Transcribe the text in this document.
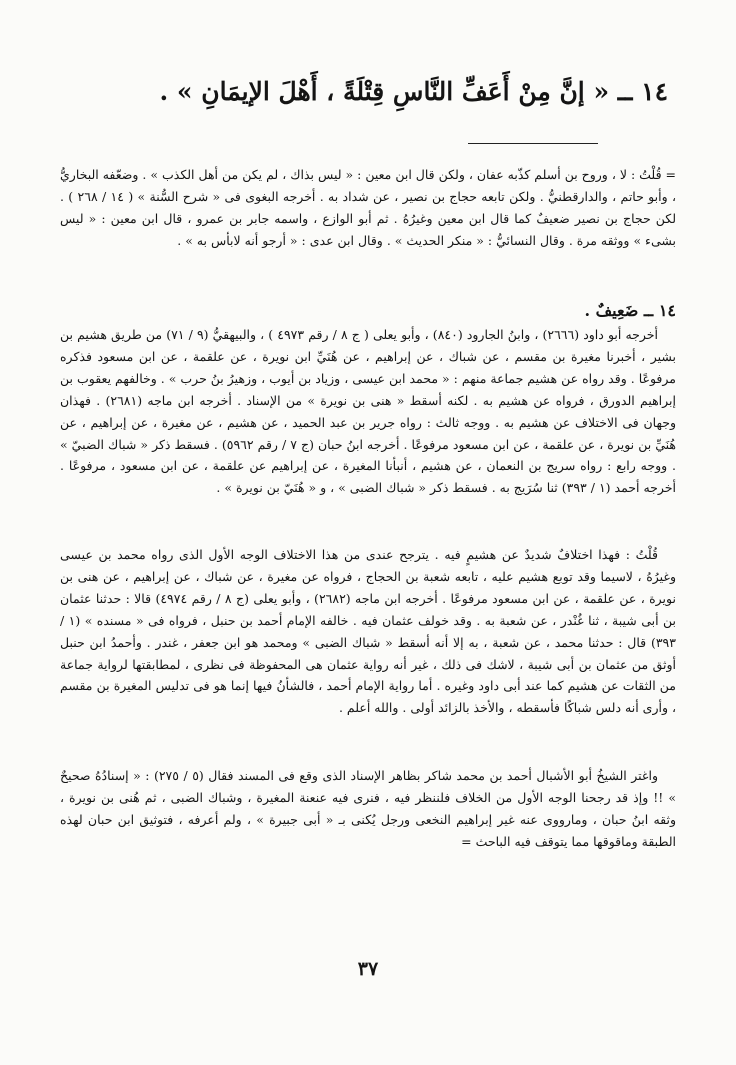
١٤ ــ « إنَّ مِنْ أَعَفِّ النَّاسِ قِتْلَةً ، أَهْلَ الإيمَانِ » .

= قُلْتُ : لا ، وروح بن أسلم كذّبه عفان ، ولكن قال ابن معين : « ليس بذاك ، لم يكن من أهل الكذب » . وضعّفه البخاريُّ ، وأبو حاتم ، والدارقطنيُّ . ولكن تابعه حجاج بن نصير ، عن شداد به . أخرجه البغوى فى « شرح السُّنة » ( ١٤ / ٢٦٨ ) . لكن حجاج بن نصير ضعيفٌ كما قال ابن معين وغيرُهُ . ثم أبو الوازع ، واسمه جابر بن عمرو ، قال ابن معين : « ليس بشىء » ووثقه مرة . وقال النسائيُّ : « منكر الحديث » . وقال ابن عدى : « أرجو أنه لابأس به » .

١٤ ــ ضَعِيفٌ .

أخرجه أبو داود (٢٦٦٦) ، وابنُ الجارود (٨٤٠) ، وأبو يعلى ( ج ٨ / رقم ٤٩٧٣ ) ، والبيهقيُّ (٩ / ٧١) من طريق هشيم بن بشير ، أخبرنا مغيرة بن مقسم ، عن شباك ، عن إبراهيم ، عن هُنَيِّ ابن نويرة ، عن علقمة ، عن ابن مسعود فذكره مرفوعًا . وقد رواه عن هشيم جماعة منهم : « محمد ابن عيسى ، وزياد بن أيوب ، وزهيرُ بنُ حرب » . وخالفهم يعقوب بن إبراهيم الدورق ، فرواه عن هشيم به . لكنه أسقط « هنى بن نويرة » من الإسناد . أخرجه ابن ماجه (٢٦٨١) . فهذان وجهان فى الاختلاف عن هشيم به . ووجه ثالث : رواه جرير بن عبد الحميد ، عن هشيم ، عن مغيرة ، عن إبراهيم ، عن هُنَيِّ بن نويرة ، عن علقمة ، عن ابن مسعود مرفوعًا . أخرجه ابنُ حبان (ج ٧ / رقم ٥٩٦٢) . فسقط ذكر « شباك الضبيّ » . ووجه رابع : رواه سريج بن النعمان ، عن هشيم ، أنبأنا المغيرة ، عن إبراهيم عن علقمة ، عن ابن مسعود ، مرفوعًا . أخرجه أحمد (١ / ٣٩٣) ثنا سُرَيج به . فسقط ذكر « شباك الضبى » ، و « هُنَيّ بن نويرة » .

قُلْتُ : فهذا اختلافٌ شديدٌ عن هشيمٍ فيه . يترجح عندى من هذا الاختلاف الوجه الأول الذى رواه محمد بن عيسى وغيرُهُ ، لاسيما وقد توبع هشيم عليه ، تابعه شعبة بن الحجاج ، فرواه عن مغيرة ، عن شباك ، عن إبراهيم ، عن هنى بن نويرة ، عن علقمة ، عن ابن مسعود مرفوعًا . أخرجه ابن ماجه (٢٦٨٢) ، وأبو يعلى (ج ٨ / رقم ٤٩٧٤) قالا : حدثنا عثمان بن أبى شيبة ، ثنا غُنْدر ، عن شعبة به . وقد خولف عثمان فيه . خالفه الإمام أحمد بن حنبل ، فرواه فى « مسنده » (١ / ٣٩٣) قال : حدثنا محمد ، عن شعبة ، به إلا أنه أسقط « شباك الضبى » ومحمد هو ابن جعفر ، غندر . وأحمدُ ابن حنبل أوثق من عثمان بن أبى شيبة ، لاشك فى ذلك ، غير أنه رواية عثمان هى المحفوظة فى نظرى ، لمطابقتها لرواية جماعة من الثقات عن هشيم كما عند أبى داود وغيره . أما رواية الإمام أحمد ، فالشأنُ فيها إنما هو فى تدليس المغيرة بن مقسم ، وأرى أنه دلس شباكًا فأسقطه ، والأخذ بالزائد أولى . والله أعلم .

واغتر الشيخُ أبو الأشبال أحمد بن محمد شاكر بظاهر الإسناد الذى وقع فى المسند فقال (٥ / ٢٧٥) : « إسنادُهُ صحيحٌ » !! وإذ قد رجحنا الوجه الأول من الخلاف فلننظر فيه ، فنرى فيه عنعنة المغيرة ، وشباك الضبى ، ثم هُنى بن نويرة ، وثقه ابنُ حبان ، ومارووى عنه غير إبراهيم النخعى ورجل يُكنى بـ « أبى جبيرة » ، ولم أعرفه ، فتوثيق ابن حبان لهذه الطبقة وماقوقها مما يتوقف فيه الباحث =

٣٧
